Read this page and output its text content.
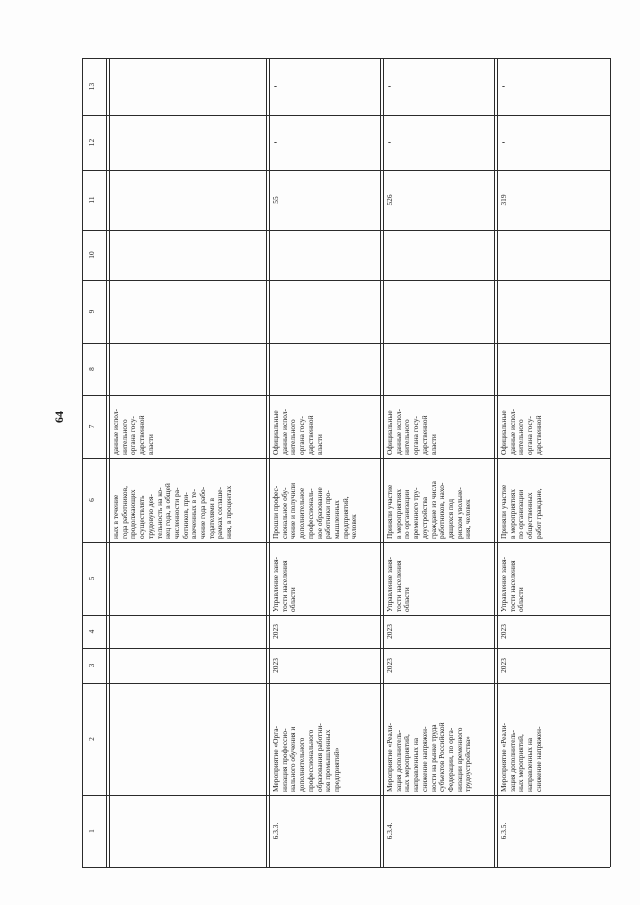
64
1
2
3
4
5
6
7
8
9
10
11
12
13
ных в течение
года работников,
продолжающих
осуществлять
трудовую дея-
тельность на ко-
нец года, в общей
численности ра-
ботников, при-
влеченных в те-
чение года рабо-
тодателями в
рамках соглаше-
ния, в процентах
данные испол-
нительного
органа госу-
дарственной
власти
6.3.3.
Мероприятие «Орга-
низация профессио-
нального обучения и
дополнительного
профессионального
образования работни-
ков промышленных
предприятий»
2023
2023
Управление заня-
тости населения
области
Прошли профес-
сиональное обу-
чение и получили
дополнительное
профессиональ-
ное образование
работники про-
мышленных
предприятий,
человек
Официальные
данные испол-
нительного
органа госу-
дарственной
власти
55
-
-
6.3.4.
Мероприятие «Реали-
зация дополнитель-
ных мероприятий,
направленных на
снижение напряжен-
ности на рынке труда
субъектов Российской
Федерации, по орга-
низации временного
трудоустройства»
2023
2023
Управление заня-
тости населения
области
Приняли участие
в мероприятиях
по организации
временного тру-
доустройства
граждане из числа
работников, нахо-
дящихся под
риском увольне-
ния, человек
Официальные
данные испол-
нительного
органа госу-
дарственной
власти
526
-
-
6.3.5.
Мероприятие «Реали-
зация дополнитель-
ных мероприятий,
направленных на
снижение напряжен-
2023
2023
Управление заня-
тости населения
области
Приняли участие
в мероприятиях
по организации
общественных
работ граждане,
Официальные
данные испол-
нительного
органа госу-
дарственной
319
-
-
